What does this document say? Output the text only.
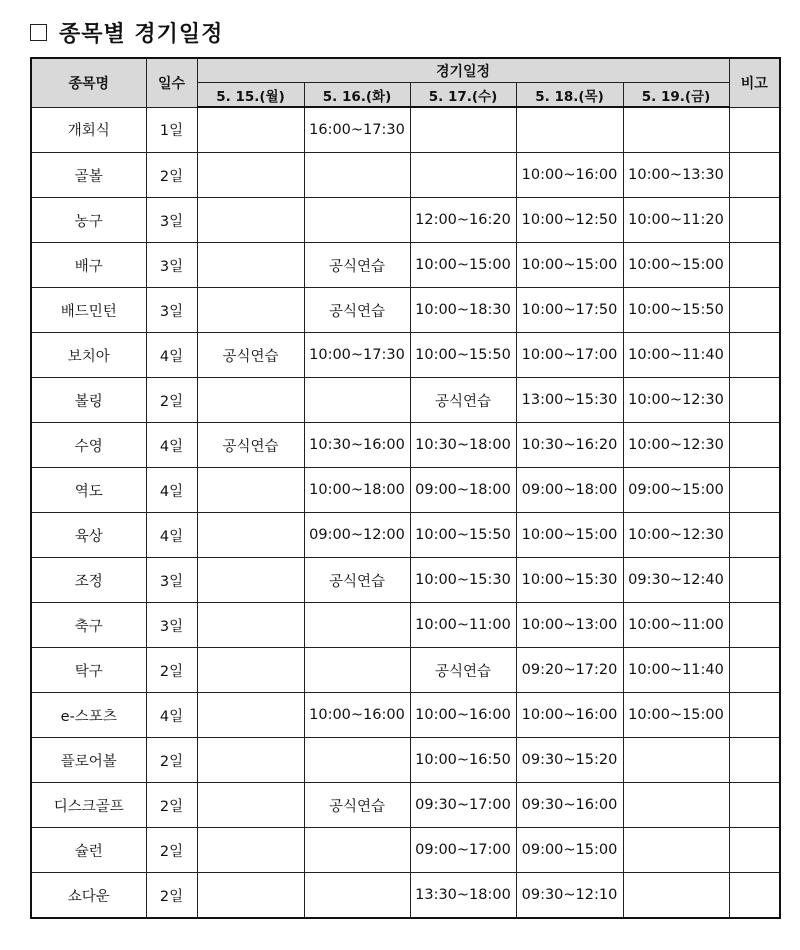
종목별 경기일정
종목명	일수	경기일정					비고
		5. 15.(월)	5. 16.(화)	5. 17.(수)	5. 18.(목)	5. 19.(금)	
개회식	1일		16:00~17:30				
골볼	2일				10:00~16:00	10:00~13:30	
농구	3일			12:00~16:20	10:00~12:50	10:00~11:20	
배구	3일		공식연습	10:00~15:00	10:00~15:00	10:00~15:00	
배드민턴	3일		공식연습	10:00~18:30	10:00~17:50	10:00~15:50	
보치아	4일	공식연습	10:00~17:30	10:00~15:50	10:00~17:00	10:00~11:40	
볼링	2일			공식연습	13:00~15:30	10:00~12:30	
수영	4일	공식연습	10:30~16:00	10:30~18:00	10:30~16:20	10:00~12:30	
역도	4일		10:00~18:00	09:00~18:00	09:00~18:00	09:00~15:00	
육상	4일		09:00~12:00	10:00~15:50	10:00~15:00	10:00~12:30	
조정	3일		공식연습	10:00~15:30	10:00~15:30	09:30~12:40	
축구	3일			10:00~11:00	10:00~13:00	10:00~11:00	
탁구	2일			공식연습	09:20~17:20	10:00~11:40	
e-스포츠	4일		10:00~16:00	10:00~16:00	10:00~16:00	10:00~15:00	
플로어볼	2일			10:00~16:50	09:30~15:20		
디스크골프	2일		공식연습	09:30~17:00	09:30~16:00		
슐런	2일			09:00~17:00	09:00~15:00		
쇼다운	2일			13:30~18:00	09:30~12:10		
